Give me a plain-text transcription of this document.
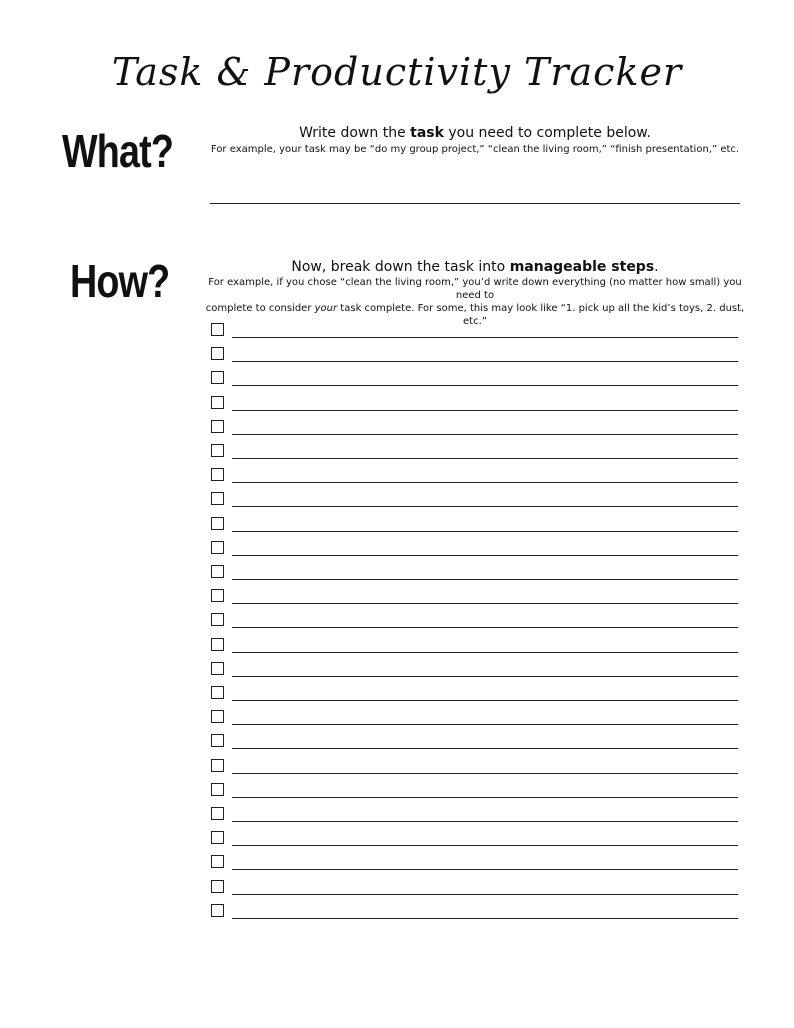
Task & Productivity Tracker
What?	Write down the task you need to complete below.
For example, your task may be “do my group project,” “clean the living room,” “finish presentation,” etc.
How?	Now, break down the task into manageable steps.
For example, if you chose “clean the living room,” you’d write down everything (no matter how small) you need to
complete to consider your task complete. For some, this may look like “1. pick up all the kid’s toys, 2. dust, etc.”
